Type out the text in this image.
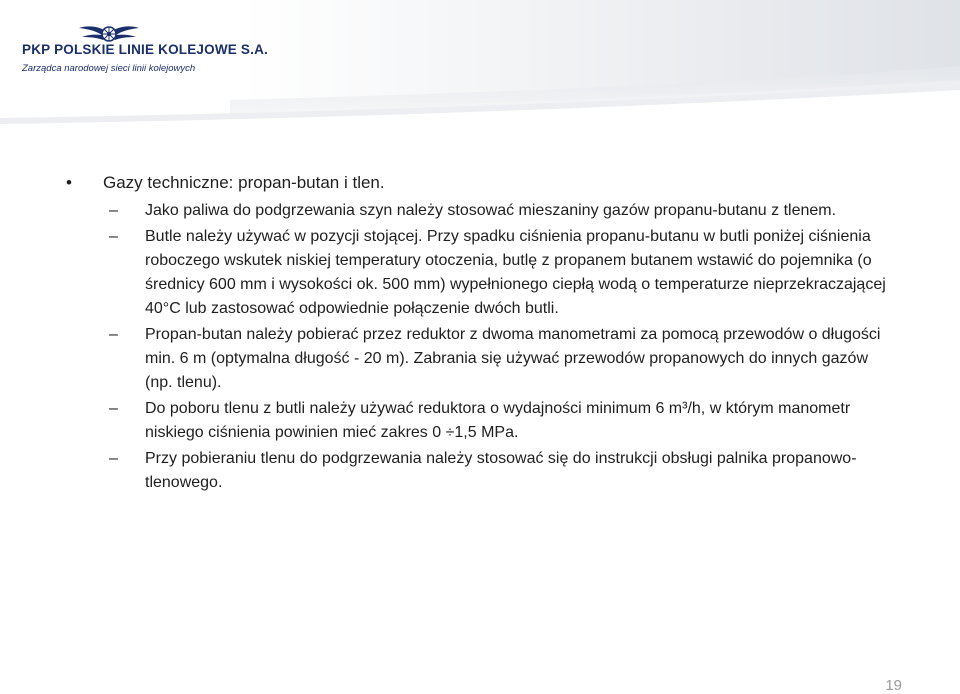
PKP POLSKIE LINIE KOLEJOWE S.A.
Zarządca narodowej sieci linii kolejowych
• Gazy techniczne: propan-butan i tlen.
– Jako paliwa do podgrzewania szyn należy stosować mieszaniny gazów propanu-butanu z tlenem.
– Butle należy używać w pozycji stojącej. Przy spadku ciśnienia propanu-butanu w butli poniżej ciśnienia roboczego wskutek niskiej temperatury otoczenia, butlę z propanem butanem wstawić do pojemnika (o średnicy 600 mm i wysokości ok. 500 mm) wypełnionego ciepłą wodą o temperaturze nieprzekraczającej 40°C lub zastosować odpowiednie połączenie dwóch butli.
– Propan-butan należy pobierać przez reduktor z dwoma manometrami za pomocą przewodów o długości min. 6 m (optymalna długość - 20 m). Zabrania się używać przewodów propanowych do innych gazów (np. tlenu).
– Do poboru tlenu z butli należy używać reduktora o wydajności minimum 6 m³/h, w którym manometr niskiego ciśnienia powinien mieć zakres 0 ÷1,5 MPa.
– Przy pobieraniu tlenu do podgrzewania należy stosować się do instrukcji obsługi palnika propanowo-tlenowego.
19
